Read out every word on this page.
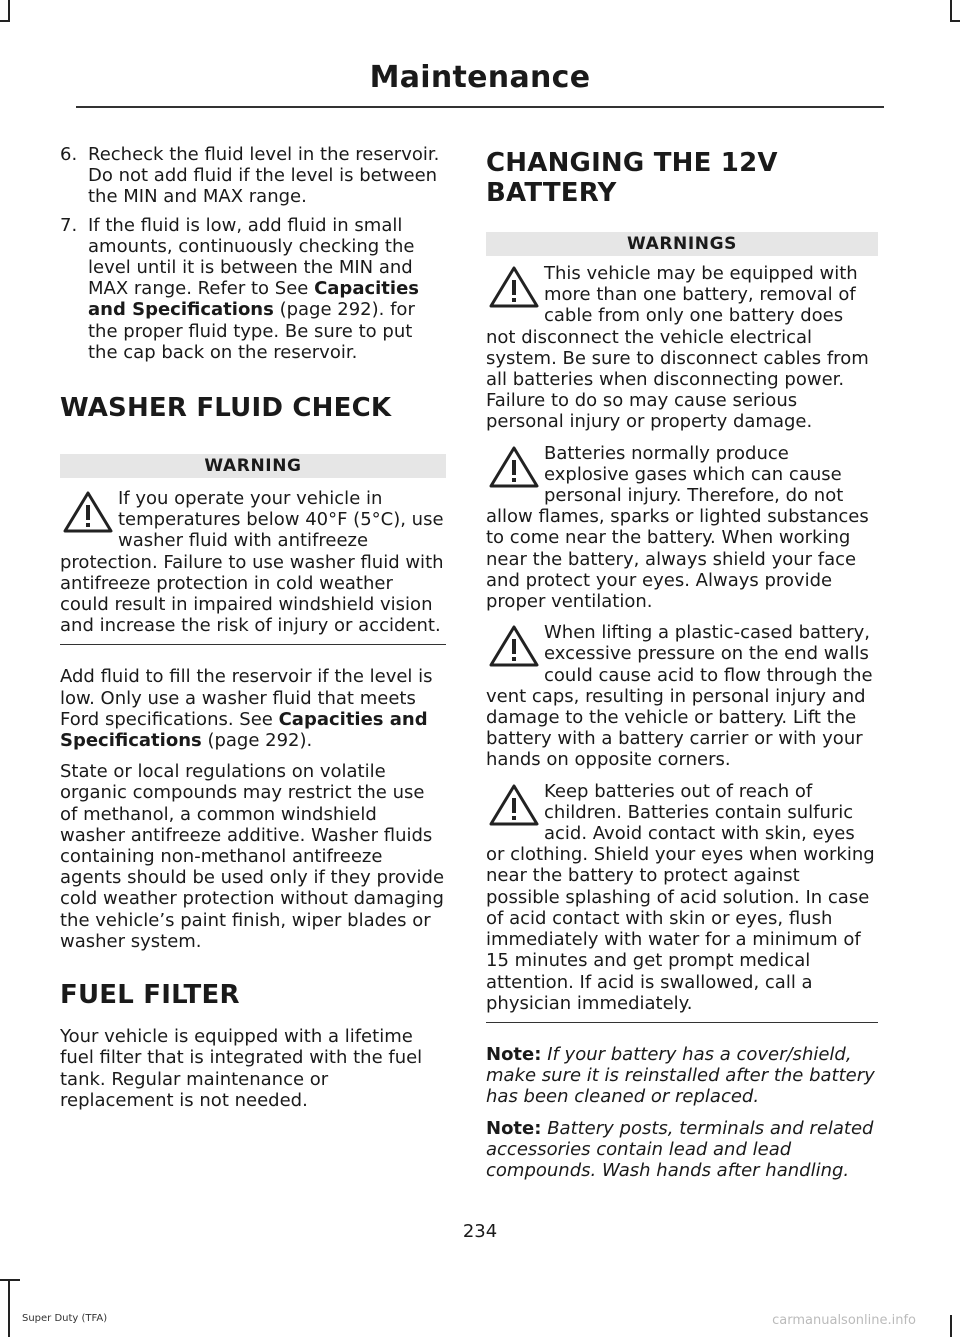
Maintenance
6. Recheck the fluid level in the reservoir. Do not add fluid if the level is between the MIN and MAX range.
7. If the fluid is low, add fluid in small amounts, continuously checking the level until it is between the MIN and MAX range. Refer to See Capacities and Specifications (page 292). for the proper fluid type. Be sure to put the cap back on the reservoir.
WASHER FLUID CHECK
WARNING

If you operate your vehicle in temperatures below 40°F (5°C), use washer fluid with antifreeze protection. Failure to use washer fluid with antifreeze protection in cold weather could result in impaired windshield vision and increase the risk of injury or accident.

Add fluid to fill the reservoir if the level is low. Only use a washer fluid that meets Ford specifications. See Capacities and Specifications (page 292).

State or local regulations on volatile organic compounds may restrict the use of methanol, a common windshield washer antifreeze additive. Washer fluids containing non-methanol antifreeze agents should be used only if they provide cold weather protection without damaging the vehicle’s paint finish, wiper blades or washer system.

FUEL FILTER

Your vehicle is equipped with a lifetime fuel filter that is integrated with the fuel tank. Regular maintenance or replacement is not needed.

CHANGING THE 12V BATTERY
WARNINGS

This vehicle may be equipped with more than one battery, removal of cable from only one battery does not disconnect the vehicle electrical system. Be sure to disconnect cables from all batteries when disconnecting power. Failure to do so may cause serious personal injury or property damage.

Batteries normally produce explosive gases which can cause personal injury. Therefore, do not allow flames, sparks or lighted substances to come near the battery. When working near the battery, always shield your face and protect your eyes. Always provide proper ventilation.

When lifting a plastic-cased battery, excessive pressure on the end walls could cause acid to flow through the vent caps, resulting in personal injury and damage to the vehicle or battery. Lift the battery with a battery carrier or with your hands on opposite corners.

Keep batteries out of reach of children. Batteries contain sulfuric acid. Avoid contact with skin, eyes or clothing. Shield your eyes when working near the battery to protect against possible splashing of acid solution. In case of acid contact with skin or eyes, flush immediately with water for a minimum of 15 minutes and get prompt medical attention. If acid is swallowed, call a physician immediately.

Note: If your battery has a cover/shield, make sure it is reinstalled after the battery has been cleaned or replaced.

Note: Battery posts, terminals and related accessories contain lead and lead compounds. Wash hands after handling.

234
Super Duty (TFA)	carmanualsonline.info
